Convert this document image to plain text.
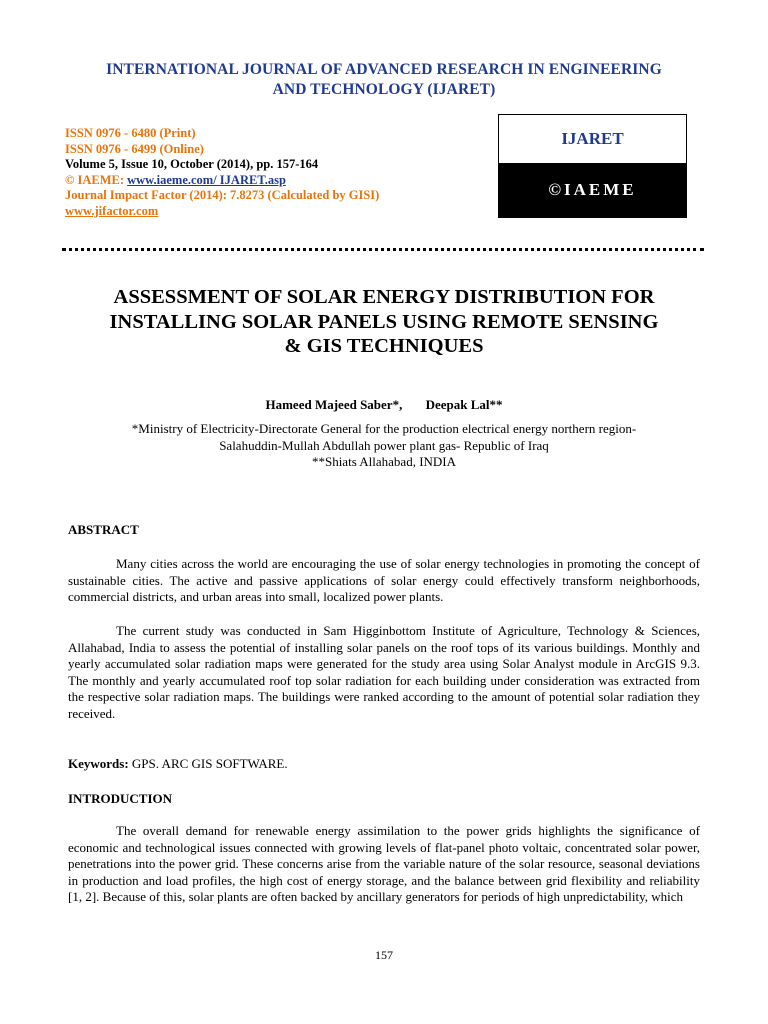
INTERNATIONAL JOURNAL OF ADVANCED RESEARCH IN ENGINEERING
AND TECHNOLOGY (IJARET)
ISSN 0976 - 6480 (Print)
ISSN 0976 - 6499 (Online)
Volume 5, Issue 10, October (2014), pp. 157-164
© IAEME: www.iaeme.com/ IJARET.asp
Journal Impact Factor (2014): 7.8273 (Calculated by GISI)
www.jifactor.com
IJARET
©IAEME
ASSESSMENT OF SOLAR ENERGY DISTRIBUTION FOR
INSTALLING SOLAR PANELS USING REMOTE SENSING
& GIS TECHNIQUES
Hameed Majeed Saber*, Deepak Lal**
*Ministry of Electricity-Directorate General for the production electrical energy northern region-
Salahuddin-Mullah Abdullah power plant gas- Republic of Iraq
**Shiats Allahabad, INDIA
ABSTRACT

Many cities across the world are encouraging the use of solar energy technologies in promoting the concept of sustainable cities. The active and passive applications of solar energy could effectively transform neighborhoods, commercial districts, and urban areas into small, localized power plants.

The current study was conducted in Sam Higginbottom Institute of Agriculture, Technology & Sciences, Allahabad, India to assess the potential of installing solar panels on the roof tops of its various buildings. Monthly and yearly accumulated solar radiation maps were generated for the study area using Solar Analyst module in ArcGIS 9.3. The monthly and yearly accumulated roof top solar radiation for each building under consideration was extracted from the respective solar radiation maps. The buildings were ranked according to the amount of potential solar radiation they received.

Keywords: GPS. ARC GIS SOFTWARE.
INTRODUCTION

The overall demand for renewable energy assimilation to the power grids highlights the significance of economic and technological issues connected with growing levels of flat-panel photo voltaic, concentrated solar power, penetrations into the power grid. These concerns arise from the variable nature of the solar resource, seasonal deviations in production and load profiles, the high cost of energy storage, and the balance between grid flexibility and reliability [1, 2]. Because of this, solar plants are often backed by ancillary generators for periods of high unpredictability, which

157
